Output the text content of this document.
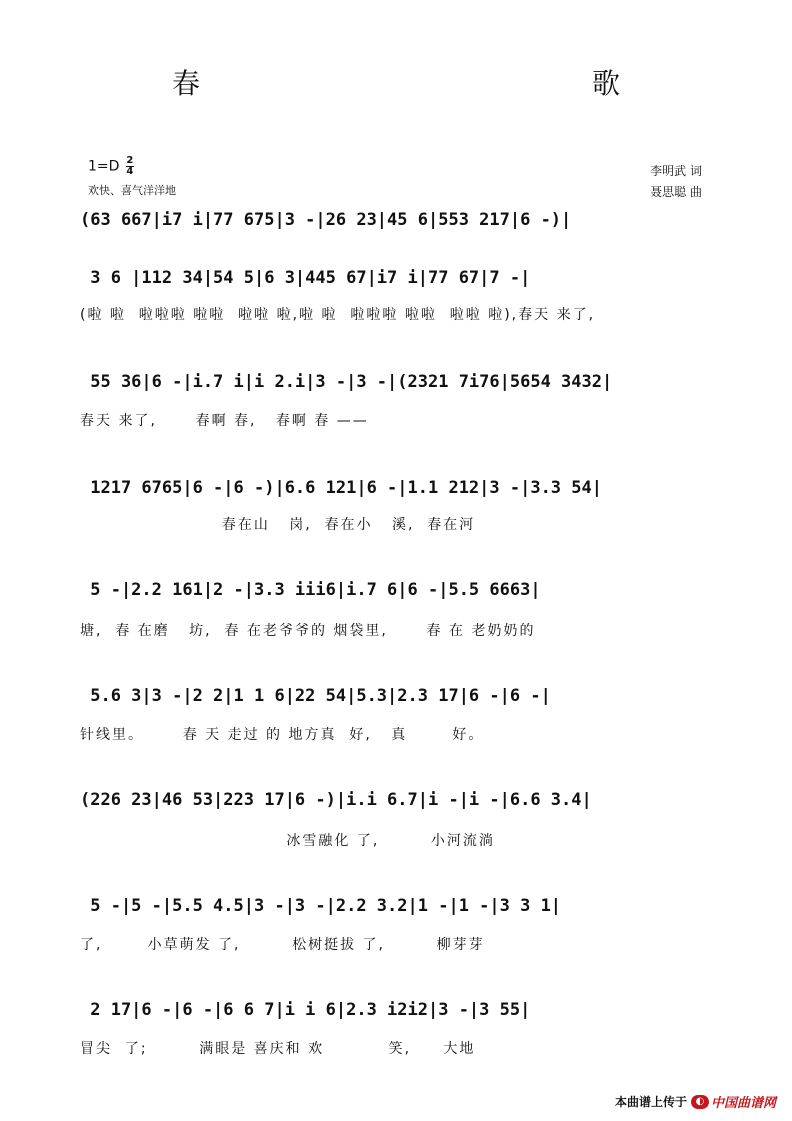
春　　歌
$1=D \frac{2}{4}$
欢快、喜气洋洋地
李明武 词
聂思聪 曲
(63 667|i7 i|77 675|3 -|26 23|45 6|553 217|6 -)|
3 6 |112 34|54 5|6 3|445 67|i7 i|77 67|7 -|
(啦 啦  啦啦啦 啦啦  啦啦 啦,啦 啦  啦啦啦 啦啦  啦啦 啦),春天 来了,
55 36|6 -|i.7 i|i 2.i|3 -|3 -|(2321 7i76|5654 3432|
春天 来了,      春啊 春,   春啊 春 ——
1217 6765|6 -|6 -)|6.6 121|6 -|1.1 212|3 -|3.3 54|
春在山   岗,  春在小   溪,  春在河
5 -|2.2 161|2 -|3.3 iii6|i.7 6|6 -|5.5 6663|
塘,  春 在磨   坊,  春 在老爷爷的 烟袋里,      春 在 老奶奶的
5.6 3|3 -|2 2|1 1 6|22 54|5.3|2.3 17|6 -|6 -|
针线里。      春 天 走过 的 地方真  好,   真       好。
(226 23|46 53|223 17|6 -)|i.i 6.7|i -|i -|6.6 3.4|
冰雪融化 了,        小河流淌
5 -|5 -|5.5 4.5|3 -|3 -|2.2 3.2|1 -|1 -|3 3 1|
了,       小草萌发 了,        松树挺拔 了,        柳芽芽
2 17|6 -|6 -|6 6 7|i i 6|2.3 i2i2|3 -|3 55|
冒尖  了;        满眼是 喜庆和 欢          笑,     大地
本曲谱上传于 ◐ 中国曲谱网
